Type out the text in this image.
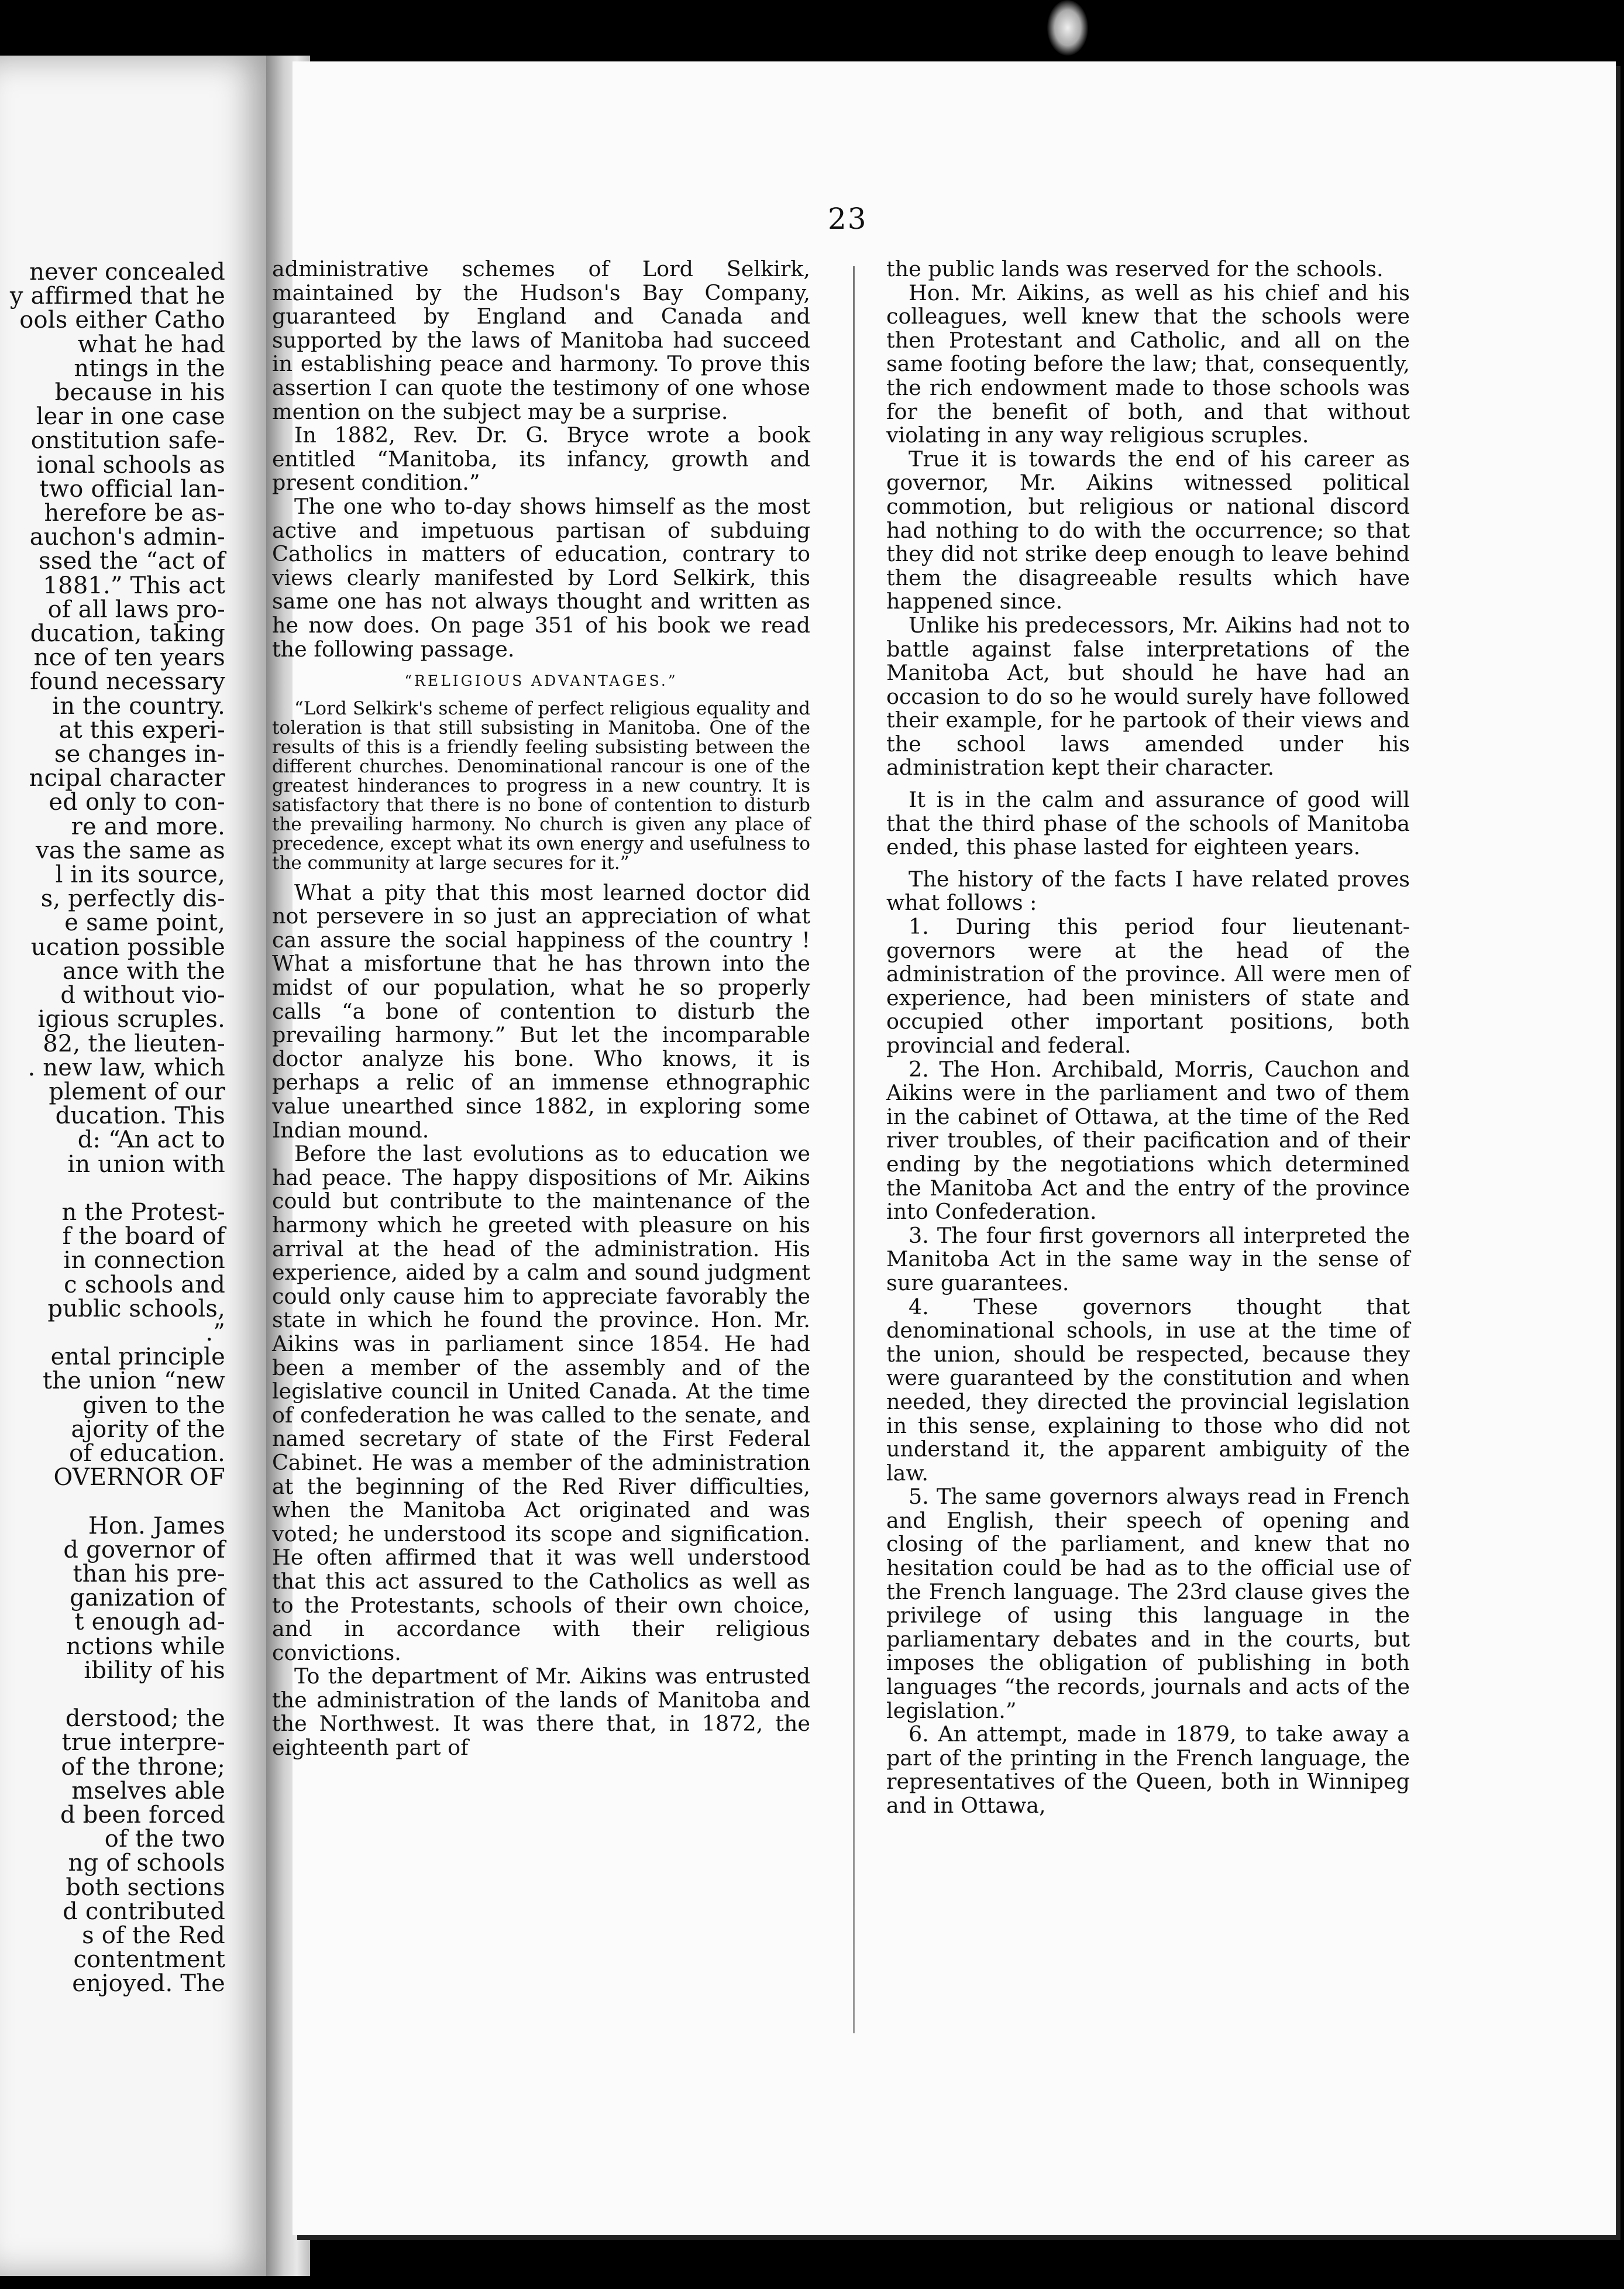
never concealed
y affirmed that he
ools either Catho
what he had
ntings in the
because in his
lear in one case
onstitution safe-
ional schools as
two official lan-
herefore be as-
auchon's admin-
ssed the “act of
1881.” This act
of all laws pro-
ducation, taking
nce of ten years
found necessary
in the country.
at this experi-
se changes in-
ncipal character
ed only to con-
re and more.
vas the same as
l in its source,
s, perfectly dis-
e same point,
ucation possible
ance with the
d without vio-
igious scruples.
82, the lieuten-
. new law, which
plement of our
ducation. This
d: “An act to
in union with

n the Protest-
f the board of
in connection
c schools and
public schools,
.”
ental principle
the union “new
given to the
ajority of the
of education.
OVERNOR OF

Hon. James
d governor of
than his pre-
ganization of
t enough ad-
nctions while
ibility of his

derstood; the
true interpre-
of the throne;
mselves able
d been forced
of the two
ng of schools
both sections
d contributed
s of the Red
contentment
enjoyed. The
23

administrative schemes of Lord Selkirk, maintained by the Hudson's Bay Company, guaranteed by England and Canada and supported by the laws of Manitoba had succeed in establishing peace and harmony. To prove this assertion I can quote the testimony of one whose mention on the subject may be a surprise.

In 1882, Rev. Dr. G. Bryce wrote a book entitled “Manitoba, its infancy, growth and present condition.”

The one who to-day shows himself as the most active and impetuous partisan of subduing Catholics in matters of education, contrary to views clearly manifested by Lord Selkirk, this same one has not always thought and written as he now does. On page 351 of his book we read the following passage.

“RELIGIOUS ADVANTAGES.”

“Lord Selkirk's scheme of perfect religious equality and toleration is that still subsisting in Manitoba. One of the results of this is a friendly feeling subsisting between the different churches. Denominational rancour is one of the greatest hinderances to progress in a new country. It is satisfactory that there is no bone of contention to disturb the prevailing harmony. No church is given any place of precedence, except what its own energy and usefulness to the community at large secures for it.”

What a pity that this most learned doctor did not persevere in so just an appreciation of what can assure the social happiness of the country ! What a misfortune that he has thrown into the midst of our population, what he so properly calls “a bone of contention to disturb the prevailing harmony.” But let the incomparable doctor analyze his bone. Who knows, it is perhaps a relic of an immense ethnographic value unearthed since 1882, in exploring some Indian mound.

Before the last evolutions as to education we had peace. The happy dispositions of Mr. Aikins could but contribute to the maintenance of the harmony which he greeted with pleasure on his arrival at the head of the administration. His experience, aided by a calm and sound judgment could only cause him to appreciate favorably the state in which he found the province. Hon. Mr. Aikins was in parliament since 1854. He had been a member of the assembly and of the legislative council in United Canada. At the time of confederation he was called to the senate, and named secretary of state of the First Federal Cabinet. He was a member of the administration at the beginning of the Red River difficulties, when the Manitoba Act originated and was voted; he understood its scope and signification. He often affirmed that it was well understood that this act assured to the Catholics as well as to the Protestants, schools of their own choice, and in accordance with their religious convictions.

To the department of Mr. Aikins was entrusted the administration of the lands of Manitoba and the Northwest. It was there that, in 1872, the eighteenth part of

the public lands was reserved for the schools.

Hon. Mr. Aikins, as well as his chief and his colleagues, well knew that the schools were then Protestant and Catholic, and all on the same footing before the law; that, consequently, the rich endowment made to those schools was for the benefit of both, and that without violating in any way religious scruples.

True it is towards the end of his career as governor, Mr. Aikins witnessed political commotion, but religious or national discord had nothing to do with the occurrence; so that they did not strike deep enough to leave behind them the disagreeable results which have happened since.

Unlike his predecessors, Mr. Aikins had not to battle against false interpretations of the Manitoba Act, but should he have had an occasion to do so he would surely have followed their example, for he partook of their views and the school laws amended under his administration kept their character.

It is in the calm and assurance of good will that the third phase of the schools of Manitoba ended, this phase lasted for eighteen years.

The history of the facts I have related proves what follows :

1. During this period four lieutenant-governors were at the head of the administration of the province. All were men of experience, had been ministers of state and occupied other important positions, both provincial and federal.

2. The Hon. Archibald, Morris, Cauchon and Aikins were in the parliament and two of them in the cabinet of Ottawa, at the time of the Red river troubles, of their pacification and of their ending by the negotiations which determined the Manitoba Act and the entry of the province into Confederation.

3. The four first governors all interpreted the Manitoba Act in the same way in the sense of sure guarantees.

4. These governors thought that denominational schools, in use at the time of the union, should be respected, because they were guaranteed by the constitution and when needed, they directed the provincial legislation in this sense, explaining to those who did not understand it, the apparent ambiguity of the law.

5. The same governors always read in French and English, their speech of opening and closing of the parliament, and knew that no hesitation could be had as to the official use of the French language. The 23rd clause gives the privilege of using this language in the parliamentary debates and in the courts, but imposes the obligation of publishing in both languages “the records, journals and acts of the legislation.”

6. An attempt, made in 1879, to take away a part of the printing in the French language, the representatives of the Queen, both in Winnipeg and in Ottawa,
